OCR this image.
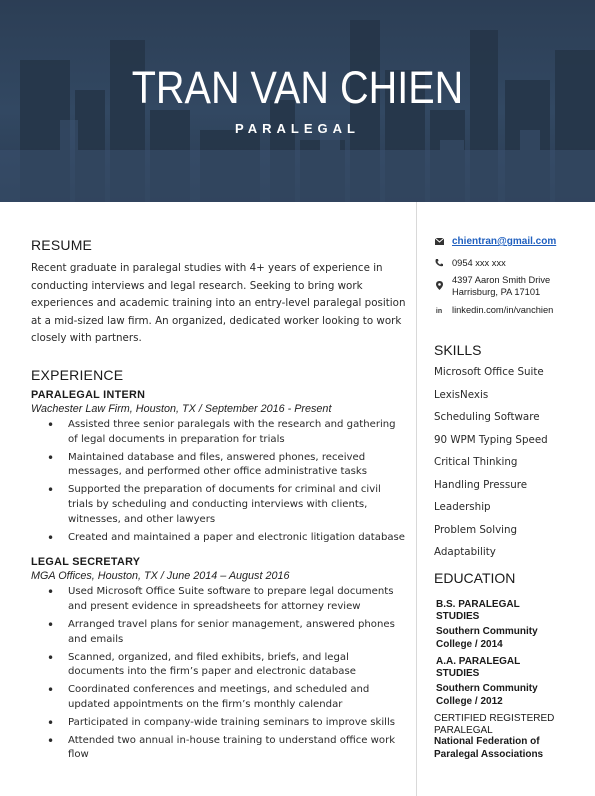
TRAN VAN CHIEN
PARALEGAL
RESUME
Recent graduate in paralegal studies with 4+ years of experience in conducting interviews and legal research. Seeking to bring work experiences and academic training into an entry-level paralegal position at a mid-sized law firm. An organized, dedicated worker looking to work closely with partners.
EXPERIENCE
PARALEGAL INTERN
Wachester Law Firm, Houston, TX / September 2016 - Present
• Assisted three senior paralegals with the research and gathering of legal documents in preparation for trials
• Maintained database and files, answered phones, received messages, and performed other office administrative tasks
• Supported the preparation of documents for criminal and civil trials by scheduling and conducting interviews with clients, witnesses, and other lawyers
• Created and maintained a paper and electronic litigation database
LEGAL SECRETARY
MGA Offices, Houston, TX / June 2014 – August 2016
• Used Microsoft Office Suite software to prepare legal documents and present evidence in spreadsheets for attorney review
• Arranged travel plans for senior management, answered phones and emails
• Scanned, organized, and filed exhibits, briefs, and legal documents into the firm’s paper and electronic database
• Coordinated conferences and meetings, and scheduled and updated appointments on the firm’s monthly calendar
• Participated in company-wide training seminars to improve skills
• Attended two annual in-house training to understand office work flow
chientran@gmail.com
0954 xxx xxx
4397 Aaron Smith Drive
Harrisburg, PA 17101
in linkedin.com/in/vanchien
SKILLS
Microsoft Office Suite
LexisNexis
Scheduling Software
90 WPM Typing Speed
Critical Thinking
Handling Pressure
Leadership
Problem Solving
Adaptability
EDUCATION
B.S. PARALEGAL
STUDIES
Southern Community
College / 2014
A.A. PARALEGAL
STUDIES
Southern Community
College / 2012
CERTIFIED REGISTERED
PARALEGAL
National Federation of
Paralegal Associations
